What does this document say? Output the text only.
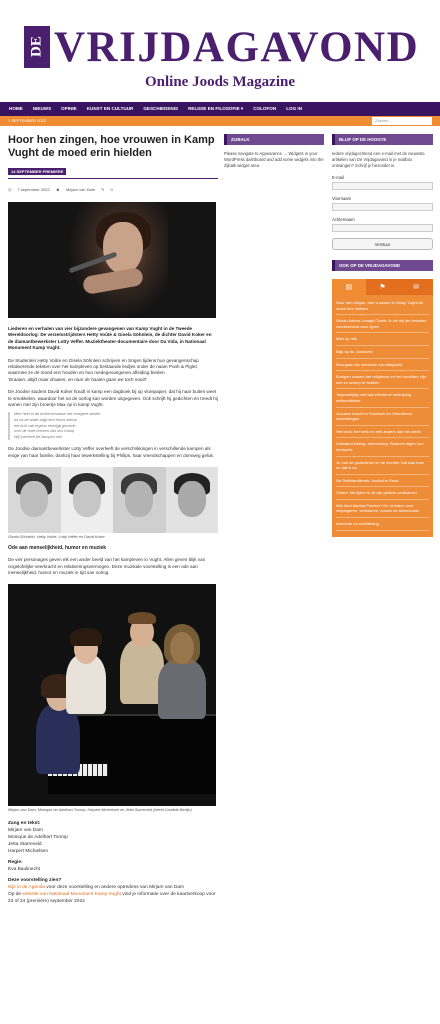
DE VRIJDAGAVOND
Online Joods Magazine
HOME	NIEUWS	OPINIE	KUNST EN CULTUUR	GESCHIEDENIS	RELIGIE EN FILOSOFIE ▾	COLOFON	LOG IN
1 SEPTEMBER 2022	Zoeken...
Hoor hen zingen, hoe vrouwen in Kamp Vught de moed erin hielden
14 SEPTEMBER PREMIERE
◷ 7 september 2022 ☻ Mirjam van Dam ✎ 0
Liederen en verhalen van vier bijzondere gevangenen van Kamp Vught in de Tweede Wereldoorlog: De verzetsstrijdsters Hetty Voûte & Gisela Söhnlein, de dichter David Koker en de diamantbewerkster Lotty Veffer. Muziektheater-documentaire door Da Vida, in Nationaal Monument Kamp Vught.
De Studenten Hetty Voûte en Gisela Söhnlein schrijven en zingen tijdens hun gevangenschap relativerende teksten over het kampleven op bestaande liedjes onder de naam Pooh & Piglet, waarmee ze de moed erin houden en hun medegevangenen afleiding bieden.
'Draaien, altijd maar draaien, en naar de haaien gaan we toch nooit!'
De Joodse student David Koker houdt in kamp een dagboek bij op vloeipapier, dat hij naar buiten weet te smokkelen, waardoor het na de oorlog kan worden uitgegeven. Ook schrijft hij gedichten en treedt hij samen met zijn broertje Max op in kamp Vught.
Men heet in de achterschaduw het vroegere steden
en uit de stalle stijgt een hoors stemp
het licht valt ergens eenzijgt gevrede
over de rode hoeven van ons Kamp
Wij overleeft de kampen niet
De Joodse diamantbewerkster Lotty Veffer overleeft de verschrikkingen in verschillende kampen als enige van haar familie, dankzij haar tewerkstelling bij Philips, haar vriendschappen en domweg geluk.
Gisela Söhnlein, Hetty Voûte, Lotty Veffer en David Koker
Ode aan menselijkheid, humor en muziek
De vier personages geven elk een ander beeld van het kampleven in Vught. Allen geven blijk van ongelofelijke veerkracht en relativeringsvermogen. Deze muzikale voorstelling is een ode aan menselijkheid, humor en muziek in tijd van oorlog.
Mirjam van Dam, Monique de Adelhart Toorop, Harpert Michielsen en Jetta Starreveld (beeld Candide Berlijn)
Zang en tekst:
Mirjam van Dam
Monique de Adelhart Toorop
Jetta Starreveld
Harpert Michielsen
Regie:
Eva Baulinecht
Deze voorstelling zien?
Kijk in de Agenda voor deze voorstelling en andere optredens van Mirjam van Dam
Op de website van Nationaal Monument Kamp Vught vind je informatie over de kaartverkoop voor 23 of 24 (première) september 2022
ZIJBALK
Please navigate to Appearance → Widgets in your WordPress dashboard and add some widgets into the Zijbalk widget area.
BLIJF OP DE HOOGTE
Iedere vrijdagochtend een e-mail met de nieuwste artikelen van De Vrijdagavond in je mailbox ontvangen? Schrijf je hieronder in.
E-mail
Voornaam
Achternaam
Verstuur
OOK OP DE VRIJDAGAVOND
▤	⚑	✉
Hoor hen zingen, hoe vrouwen in Kamp Vught de moed erin hielden
Shirah Adena Lenaghi Tamir: Ik zie mij als bewaker voortkomend voor rijpen
Man op reis
Blijk op de Joodsche
Doorgaan als mensche van fatsgheid
Eenigen zussen het religieuze en het seculiere zijn niet zo scherp te trekken
Tegenstrijdig met wat effectieve bestrijding antisemitisme
Joodsen inzicht in Russisch en Oekraïense vluchtelingen
Het werk; het werk en niet anders dan het werk!
Duitsland leiding, herinnering: Waarom eigen hun drempels
Je had de godsdienst en de dochter Dat was toen en dat is nu
De Gelbhardtiende Joodsche Raad
Chaim: het lijden is uit zijn gedicht verdwenen
Wie kent Martha Pachter? En verhalen over verjongeren, verdweren, ouwes en steenzuster
Armoede en verbittering
